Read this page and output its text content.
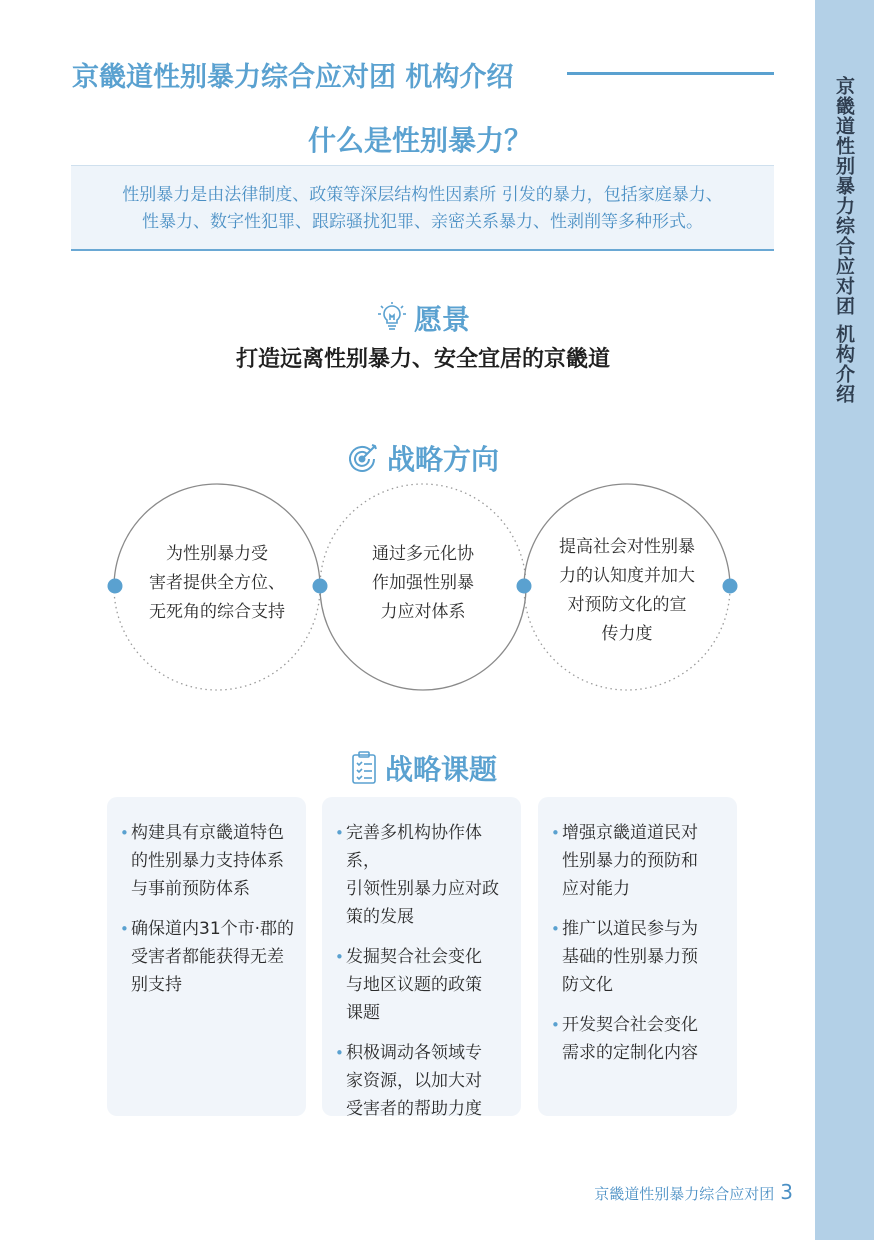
京畿道性别暴力综合应对团 机构介绍
京畿道性别暴力综合应对团 机构介绍
什么是性别暴力？
性别暴力是由法律制度、政策等深层结构性因素所 引发的暴力，包括家庭暴力、
性暴力、数字性犯罪、跟踪骚扰犯罪、亲密关系暴力、性剥削等多种形式。
愿景
打造远离性别暴力、安全宜居的京畿道
战略方向
为性别暴力受
害者提供全方位、
无死角的综合支持
通过多元化协
作加强性别暴
力应对体系
提高社会对性别暴
力的认知度并加大
对预防文化的宣
传力度
战略课题
• 构建具有京畿道特色
的性别暴力支持体系
与事前预防体系
• 确保道内31个市·郡的
受害者都能获得无差
别支持
• 完善多机构协作体系，
引领性别暴力应对政
策的发展
• 发掘契合社会变化
与地区议题的政策
课题
• 积极调动各领域专
家资源，以加大对
受害者的帮助力度
• 增强京畿道道民对
性别暴力的预防和
应对能力
• 推广以道民参与为
基础的性别暴力预
防文化
• 开发契合社会变化
需求的定制化内容
京畿道性别暴力综合应对团 3
